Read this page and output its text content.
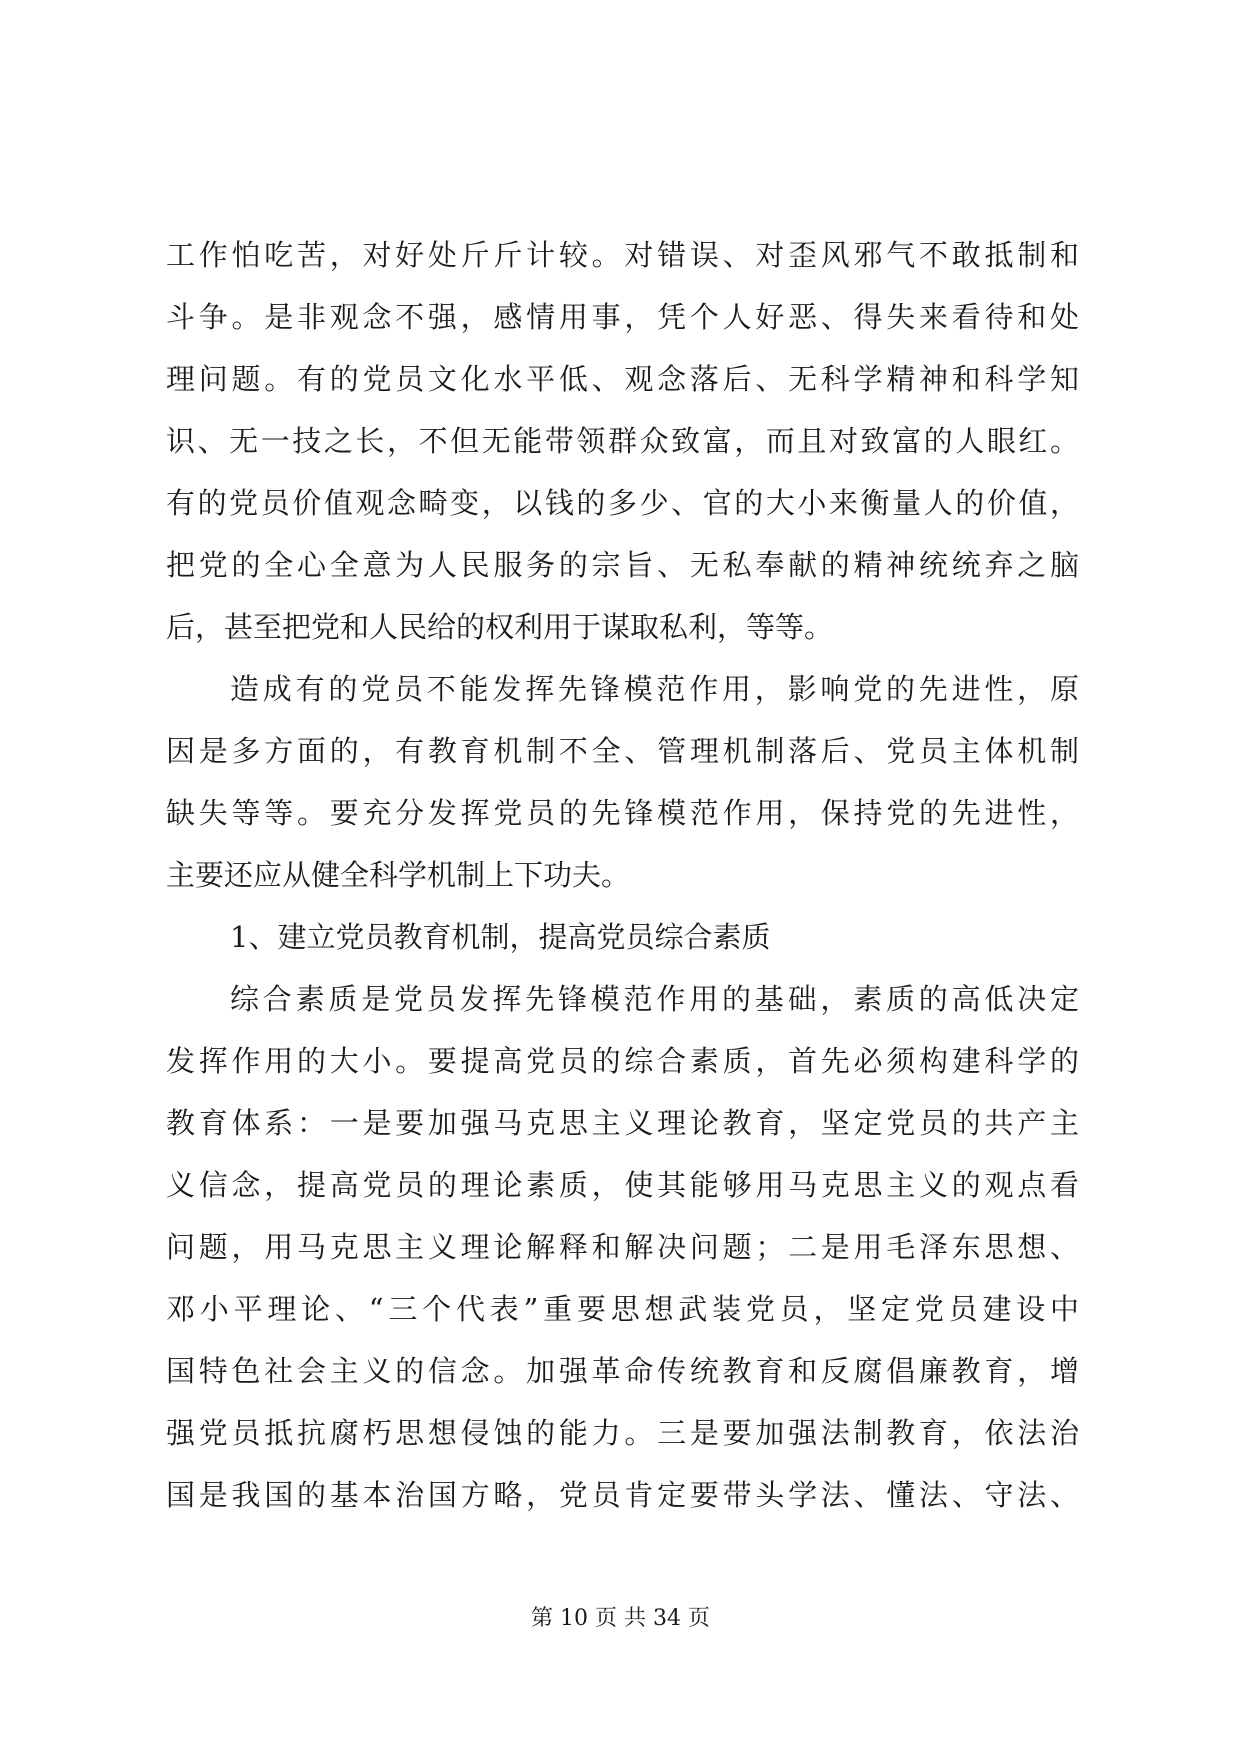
工作怕吃苦，对好处斤斤计较。对错误、对歪风邪气不敢抵制和
斗争。是非观念不强，感情用事，凭个人好恶、得失来看待和处
理问题。有的党员文化水平低、观念落后、无科学精神和科学知
识、无一技之长，不但无能带领群众致富，而且对致富的人眼红。
有的党员价值观念畸变，以钱的多少、官的大小来衡量人的价值，
把党的全心全意为人民服务的宗旨、无私奉献的精神统统弃之脑
后，甚至把党和人民给的权利用于谋取私利，等等。
造成有的党员不能发挥先锋模范作用，影响党的先进性，原
因是多方面的，有教育机制不全、管理机制落后、党员主体机制
缺失等等。要充分发挥党员的先锋模范作用，保持党的先进性，
主要还应从健全科学机制上下功夫。
1、建立党员教育机制，提高党员综合素质
综合素质是党员发挥先锋模范作用的基础，素质的高低决定
发挥作用的大小。要提高党员的综合素质，首先必须构建科学的
教育体系：一是要加强马克思主义理论教育，坚定党员的共产主
义信念，提高党员的理论素质，使其能够用马克思主义的观点看
问题，用马克思主义理论解释和解决问题；二是用毛泽东思想、
邓小平理论、“三个代表”重要思想武装党员，坚定党员建设中
国特色社会主义的信念。加强革命传统教育和反腐倡廉教育，增
强党员抵抗腐朽思想侵蚀的能力。三是要加强法制教育，依法治
国是我国的基本治国方略，党员肯定要带头学法、懂法、守法、
第 10 页 共 34 页
